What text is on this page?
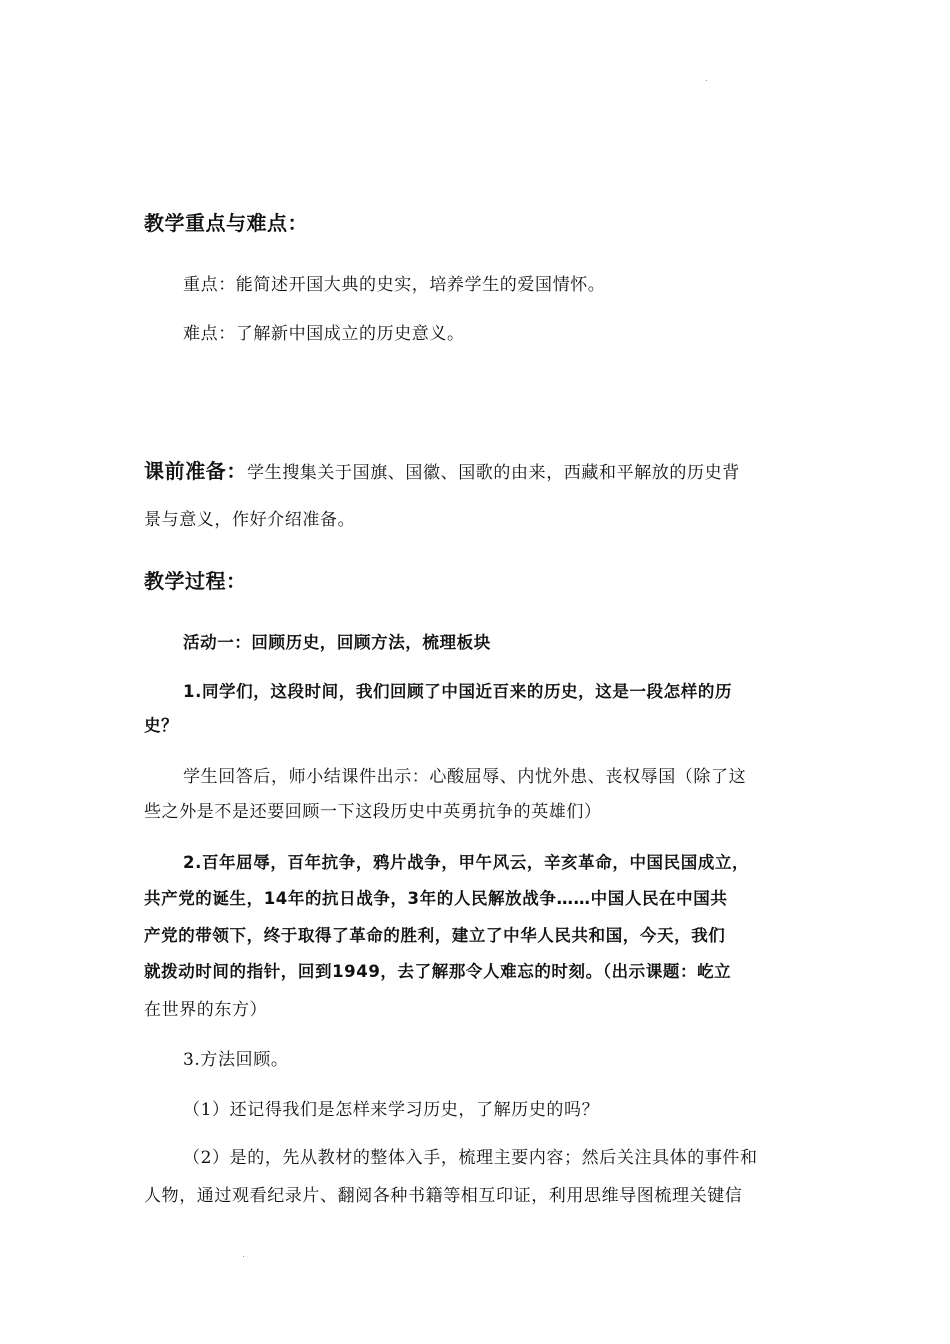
教学重点与难点：
重点：能简述开国大典的史实，培养学生的爱国情怀。
难点：了解新中国成立的历史意义。
课前准备：学生搜集关于国旗、国徽、国歌的由来，西藏和平解放的历史背
景与意义，作好介绍准备。
教学过程：
活动一：回顾历史，回顾方法，梳理板块
1.同学们，这段时间，我们回顾了中国近百来的历史，这是一段怎样的历
史？
学生回答后，师小结课件出示：心酸屈辱、内忧外患、丧权辱国（除了这
些之外是不是还要回顾一下这段历史中英勇抗争的英雄们）
2.百年屈辱，百年抗争，鸦片战争，甲午风云，辛亥革命，中国民国成立，
共产党的诞生，14年的抗日战争，3年的人民解放战争……中国人民在中国共
产党的带领下，终于取得了革命的胜利，建立了中华人民共和国，今天，我们
就拨动时间的指针，回到1949，去了解那令人难忘的时刻。（出示课题：屹立
在世界的东方）
3.方法回顾。
（1）还记得我们是怎样来学习历史，了解历史的吗？
（2）是的，先从教材的整体入手，梳理主要内容；然后关注具体的事件和
人物，通过观看纪录片、翻阅各种书籍等相互印证，利用思维导图梳理关键信
